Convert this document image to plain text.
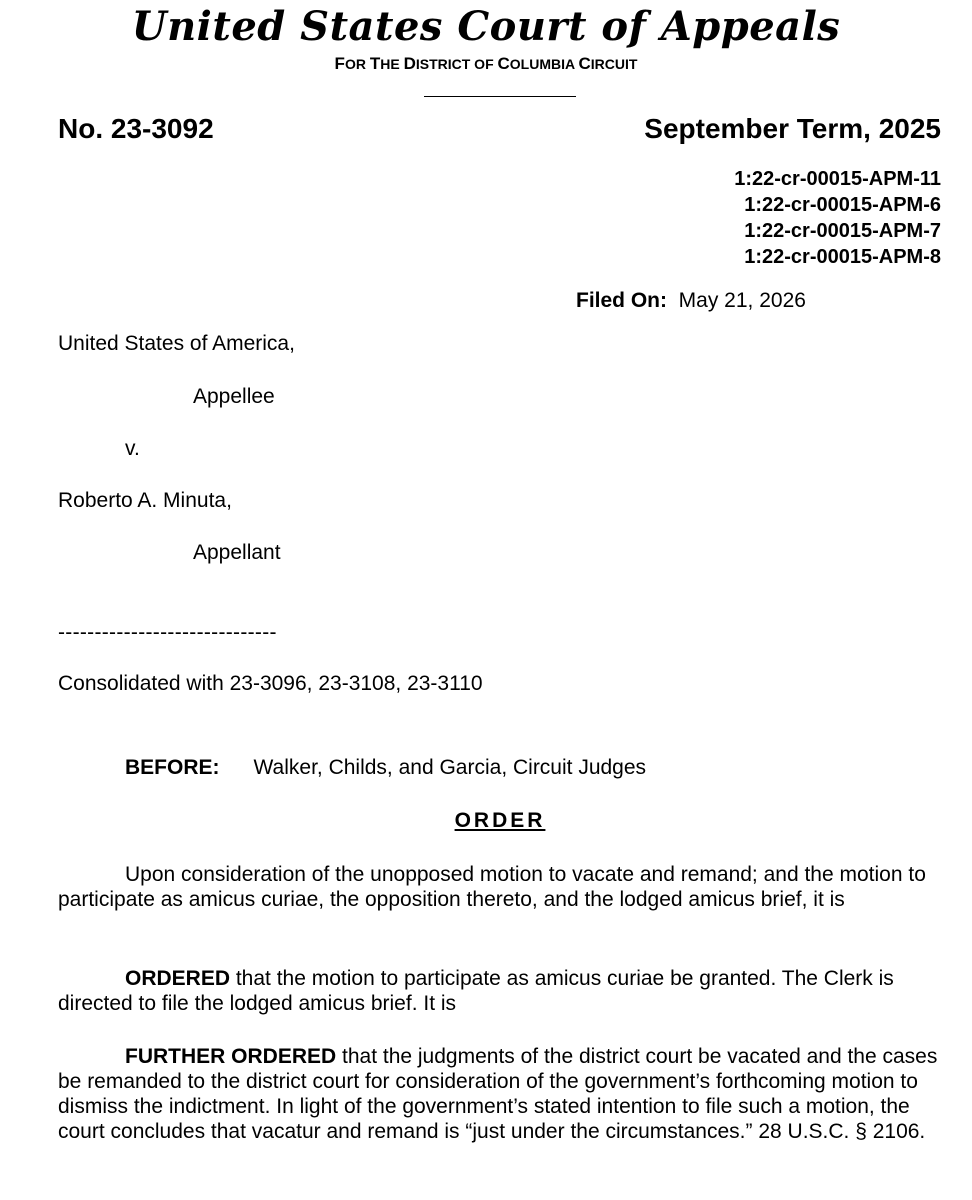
United States Court of Appeals
FOR THE DISTRICT OF COLUMBIA CIRCUIT
No. 23-3092	September Term, 2025
1:22-cr-00015-APM-11
1:22-cr-00015-APM-6
1:22-cr-00015-APM-7
1:22-cr-00015-APM-8
Filed On: May 21, 2026
United States of America,
Appellee
v.
Roberto A. Minuta,
Appellant
------------------------------
Consolidated with 23-3096, 23-3108, 23-3110
BEFORE: Walker, Childs, and Garcia, Circuit Judges
ORDER
Upon consideration of the unopposed motion to vacate and remand; and the motion to participate as amicus curiae, the opposition thereto, and the lodged amicus brief, it is
ORDERED that the motion to participate as amicus curiae be granted. The Clerk is directed to file the lodged amicus brief. It is
FURTHER ORDERED that the judgments of the district court be vacated and the cases be remanded to the district court for consideration of the government’s forthcoming motion to dismiss the indictment. In light of the government’s stated intention to file such a motion, the court concludes that vacatur and remand is “just under the circumstances.” 28 U.S.C. § 2106.
